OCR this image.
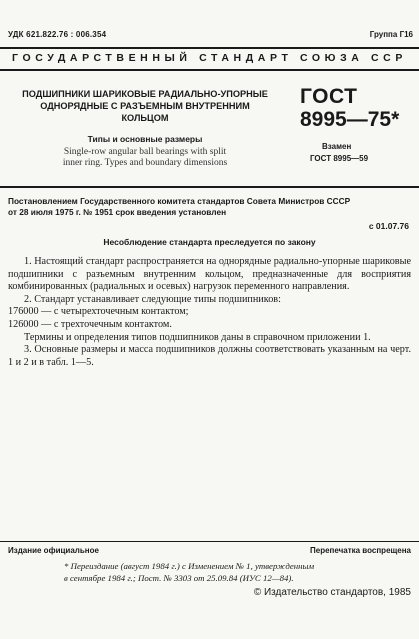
УДК 621.822.76 : 006.354	Группа Г16
ГОСУДАРСТВЕННЫЙ СТАНДАРТ СОЮЗА ССР
ПОДШИПНИКИ ШАРИКОВЫЕ РАДИАЛЬНО-УПОРНЫЕ
ОДНОРЯДНЫЕ С РАЗЪЕМНЫМ ВНУТРЕННИМ
КОЛЬЦОМ
Типы и основные размеры
Single-row angular ball bearings with split
inner ring. Types and boundary dimensions
ГОСТ
8995—75*
Взамен
ГОСТ 8995—59
Постановлением Государственного комитета стандартов Совета Министров СССР
от 28 июля 1975 г. № 1951 срок введения установлен
с 01.07.76
Несоблюдение стандарта преследуется по закону

1. Настоящий стандарт распространяется на однорядные радиально-упорные шариковые подшипники с разъемным внутренним кольцом, предназначенные для восприятия комбинированных (радиальных и осевых) нагрузок переменного направления.

2. Стандарт устанавливает следующие типы подшипников:

176000 — с четырехточечным контактом;

126000 — с трехточечным контактом.

Термины и определения типов подшипников даны в справочном приложении 1.

3. Основные размеры и масса подшипников должны соответствовать указанным на черт. 1 и 2 и в табл. 1—5.

Издание официальное	Перепечатка воспрещена
* Переиздание (август 1984 г.) с Изменением № 1, утвержденным
в сентябре 1984 г.; Пост. № 3303 от 25.09.84 (ИУС 12—84).
© Издательство стандартов, 1985
